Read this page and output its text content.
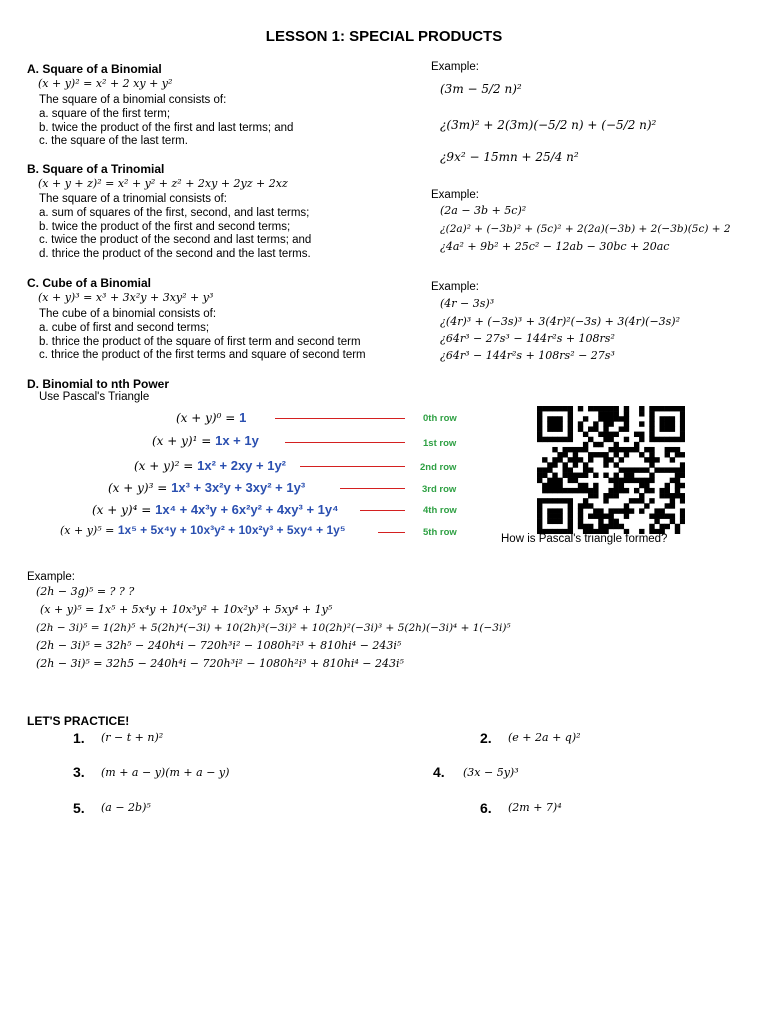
LESSON 1: SPECIAL PRODUCTS
A. Square of a Binomial
(x + y)² = x² + 2 xy + y²
The square of a binomial consists of:
a. square of the first term;
b. twice the product of the first and last terms; and
c. the square of the last term.
Example:
(3m − 5/2 n)²
¿(3m)² + 2(3m)(−5/2 n) + (−5/2 n)²
¿9x² − 15mn + 25/4 n²
B. Square of a Trinomial
(x + y + z)² = x² + y² + z² + 2xy + 2yz + 2xz
The square of a trinomial consists of:
a. sum of squares of the first, second, and last terms;
b. twice the product of the first and second terms;
c. twice the product of the second and last terms; and
d. thrice the product of the second and the last terms.
Example:
(2a − 3b + 5c)²
¿(2a)² + (−3b)² + (5c)² + 2(2a)(−3b) + 2(−3b)(5c) + 2
¿4a² + 9b² + 25c² − 12ab − 30bc + 20ac
C. Cube of a Binomial
(x + y)³ = x³ + 3x²y + 3xy² + y³
The cube of a binomial consists of:
a. cube of first and second terms;
b. thrice the product of the square of first term and second term
c. thrice the product of the first terms and square of second term
Example:
(4r − 3s)³
¿(4r)³ + (−3s)³ + 3(4r)²(−3s) + 3(4r)(−3s)²
¿64r³ − 27s³ − 144r²s + 108rs²
¿64r³ − 144r²s + 108rs² − 27s³
D. Binomial to nth Power
Use Pascal's Triangle
(x + y)⁰ = 1
(x + y)¹ = 1x + 1y
(x + y)² = 1x² + 2xy + 1y²
(x + y)³ = 1x³ + 3x²y + 3xy² + 1y³
(x + y)⁴ = 1x⁴ + 4x³y + 6x²y² + 4xy³ + 1y⁴
(x + y)⁵ = 1x⁵ + 5x⁴y + 10x³y² + 10x²y³ + 5xy⁴ + 1y⁵
0th row
1st row
2nd row
3rd row
4th row
5th row
How is Pascal's triangle formed?
Example:
(2h − 3g)⁵ = ? ? ?
(x + y)⁵ = 1x⁵ + 5x⁴y + 10x³y² + 10x²y³ + 5xy⁴ + 1y⁵
(2h − 3i)⁵ = 1(2h)⁵ + 5(2h)⁴(−3i) + 10(2h)³(−3i)² + 10(2h)²(−3i)³ + 5(2h)(−3i)⁴ + 1(−3i)⁵
(2h − 3i)⁵ = 32h⁵ − 240h⁴i − 720h³i² − 1080h²i³ + 810hi⁴ − 243i⁵
(2h − 3i)⁵ = 32h5 − 240h⁴i − 720h³i² − 1080h²i³ + 810hi⁴ − 243i⁵
LET'S PRACTICE!
1. (r − t + n)²	2. (e + 2a + q)²
3. (m + a − y)(m + a − y)	4. (3x − 5y)³
5. (a − 2b)⁵	6. (2m + 7)⁴
